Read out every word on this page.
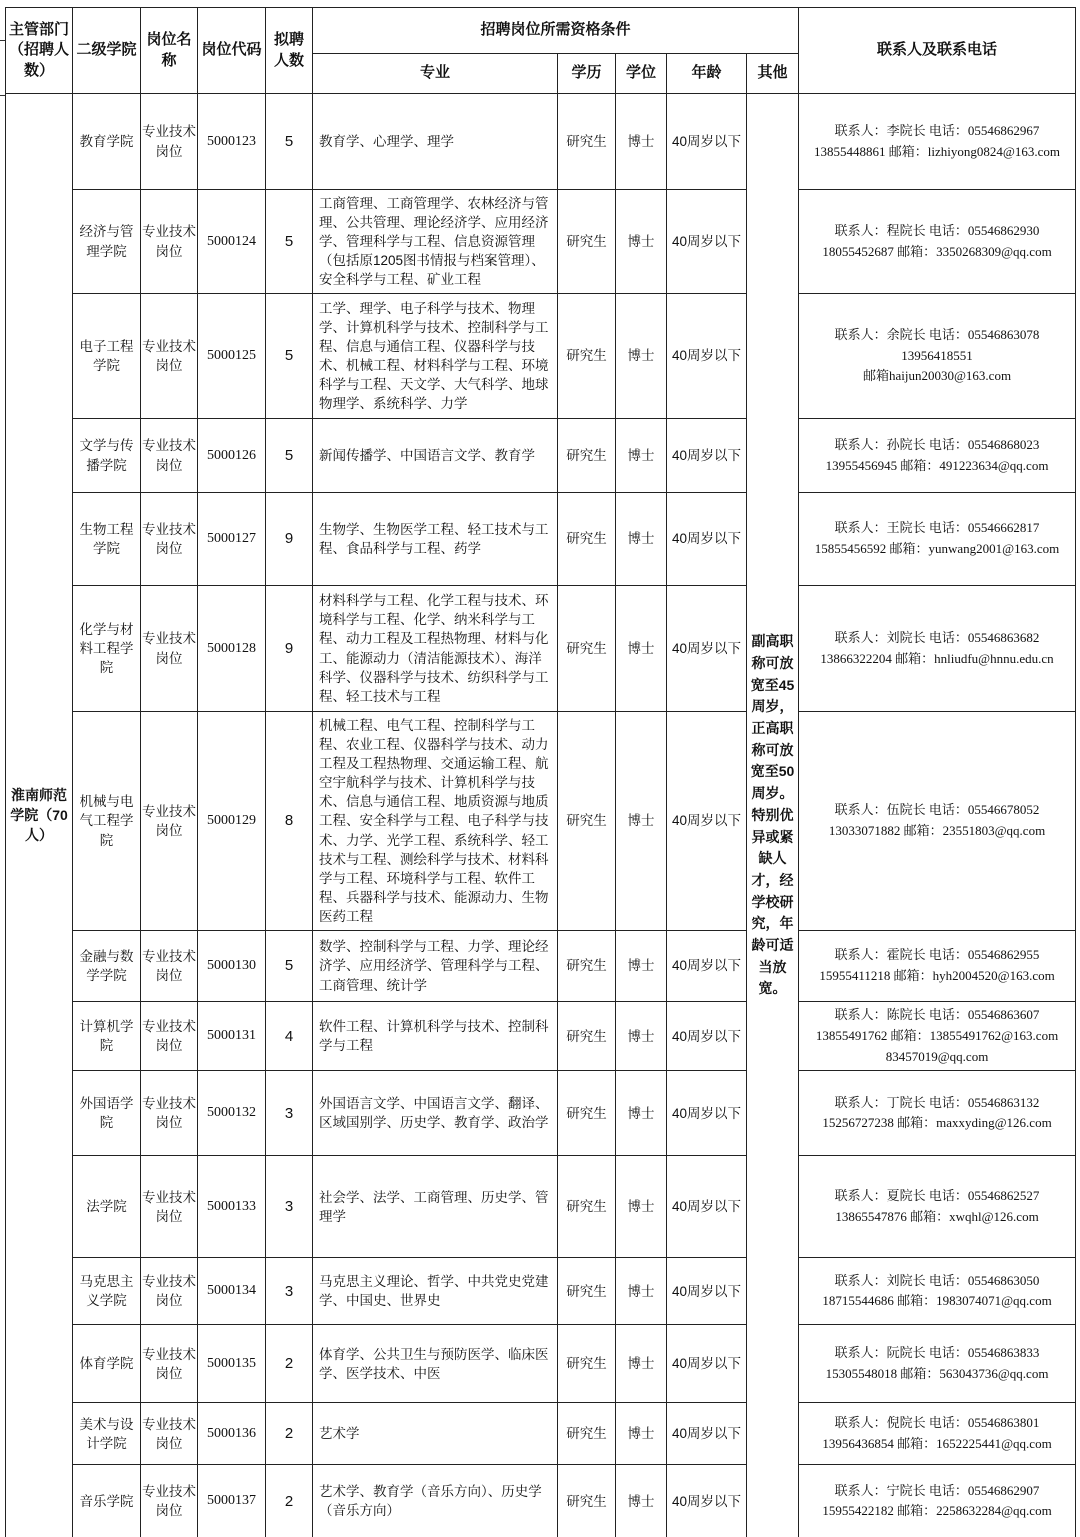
主管部门（招聘人数）	二级学院	岗位名称	岗位代码	拟聘人数	招聘岗位所需资格条件					联系人及联系电话
					专业	学历	学位	年龄	其他	
淮南师范学院（70人）	教育学院	专业技术岗位	5000123	5	教育学、心理学、理学	研究生	博士	40周岁以下	副高职称可放宽至45周岁，正高职称可放宽至50周岁。特别优异或紧缺人才，经学校研究，年龄可适当放宽。	联系人：李院长 电话：05546862967
13855448861 邮箱：lizhiyong0824@163.com

	经济与管理学院	专业技术岗位	5000124	5	工商管理、工商管理学、农林经济与管理、公共管理、理论经济学、应用经济学、管理科学与工程、信息资源管理（包括原1205图书情报与档案管理）、安全科学与工程、矿业工程	研究生	博士	40周岁以下		联系人：程院长 电话：05546862930
18055452687 邮箱：3350268309@qq.com

	电子工程学院	专业技术岗位	5000125	5	工学、理学、电子科学与技术、物理学、计算机科学与技术、控制科学与工程、信息与通信工程、仪器科学与技术、机械工程、材料科学与工程、环境科学与工程、天文学、大气科学、地球物理学、系统科学、力学	研究生	博士	40周岁以下		联系人：余院长 电话：05546863078
13956418551
邮箱haijun20030@163.com

	文学与传播学院	专业技术岗位	5000126	5	新闻传播学、中国语言文学、教育学	研究生	博士	40周岁以下		联系人：孙院长 电话：05546868023
13955456945 邮箱：491223634@qq.com

	生物工程学院	专业技术岗位	5000127	9	生物学、生物医学工程、轻工技术与工程、食品科学与工程、药学	研究生	博士	40周岁以下		联系人：王院长 电话：05546662817
15855456592 邮箱：yunwang2001@163.com

	化学与材料工程学院	专业技术岗位	5000128	9	材料科学与工程、化学工程与技术、环境科学与工程、化学、纳米科学与工程、动力工程及工程热物理、材料与化工、能源动力（清洁能源技术）、海洋科学、仪器科学与技术、纺织科学与工程、轻工技术与工程	研究生	博士	40周岁以下		联系人：刘院长 电话：05546863682
13866322204 邮箱：hnliudfu@hnnu.edu.cn

	机械与电气工程学院	专业技术岗位	5000129	8	机械工程、电气工程、控制科学与工程、农业工程、仪器科学与技术、动力工程及工程热物理、交通运输工程、航空宇航科学与技术、计算机科学与技术、信息与通信工程、地质资源与地质工程、安全科学与工程、电子科学与技术、力学、光学工程、系统科学、轻工技术与工程、测绘科学与技术、材料科学与工程、环境科学与工程、软件工程、兵器科学与技术、能源动力、生物医药工程	研究生	博士	40周岁以下		联系人：伍院长 电话：05546678052
13033071882 邮箱：23551803@qq.com

	金融与数学学院	专业技术岗位	5000130	5	数学、控制科学与工程、力学、理论经济学、应用经济学、管理科学与工程、工商管理、统计学	研究生	博士	40周岁以下		联系人：霍院长 电话：05546862955
15955411218 邮箱：hyh2004520@163.com

	计算机学院	专业技术岗位	5000131	4	软件工程、计算机科学与技术、控制科学与工程	研究生	博士	40周岁以下		联系人：陈院长 电话：05546863607
13855491762 邮箱：13855491762@163.com
83457019@qq.com

	外国语学院	专业技术岗位	5000132	3	外国语言文学、中国语言文学、翻译、区域国别学、历史学、教育学、政治学	研究生	博士	40周岁以下		联系人：丁院长 电话：05546863132
15256727238 邮箱：maxxyding@126.com

	法学院	专业技术岗位	5000133	3	社会学、法学、工商管理、历史学、管理学	研究生	博士	40周岁以下		联系人：夏院长 电话：05546862527
13865547876 邮箱：xwqhl@126.com

	马克思主义学院	专业技术岗位	5000134	3	马克思主义理论、哲学、中共党史党建学、中国史、世界史	研究生	博士	40周岁以下		联系人：刘院长 电话：05546863050
18715544686 邮箱：1983074071@qq.com

	体育学院	专业技术岗位	5000135	2	体育学、公共卫生与预防医学、临床医学、医学技术、中医	研究生	博士	40周岁以下		联系人：阮院长 电话：05546863833
15305548018 邮箱：563043736@qq.com

	美术与设计学院	专业技术岗位	5000136	2	艺术学	研究生	博士	40周岁以下		联系人：倪院长 电话：05546863801
13956436854 邮箱：1652225441@qq.com

	音乐学院	专业技术岗位	5000137	2	艺术学、教育学（音乐方向）、历史学（音乐方向）	研究生	博士	40周岁以下		联系人：宁院长 电话：05546862907
15955422182 邮箱：2258632284@qq.com
